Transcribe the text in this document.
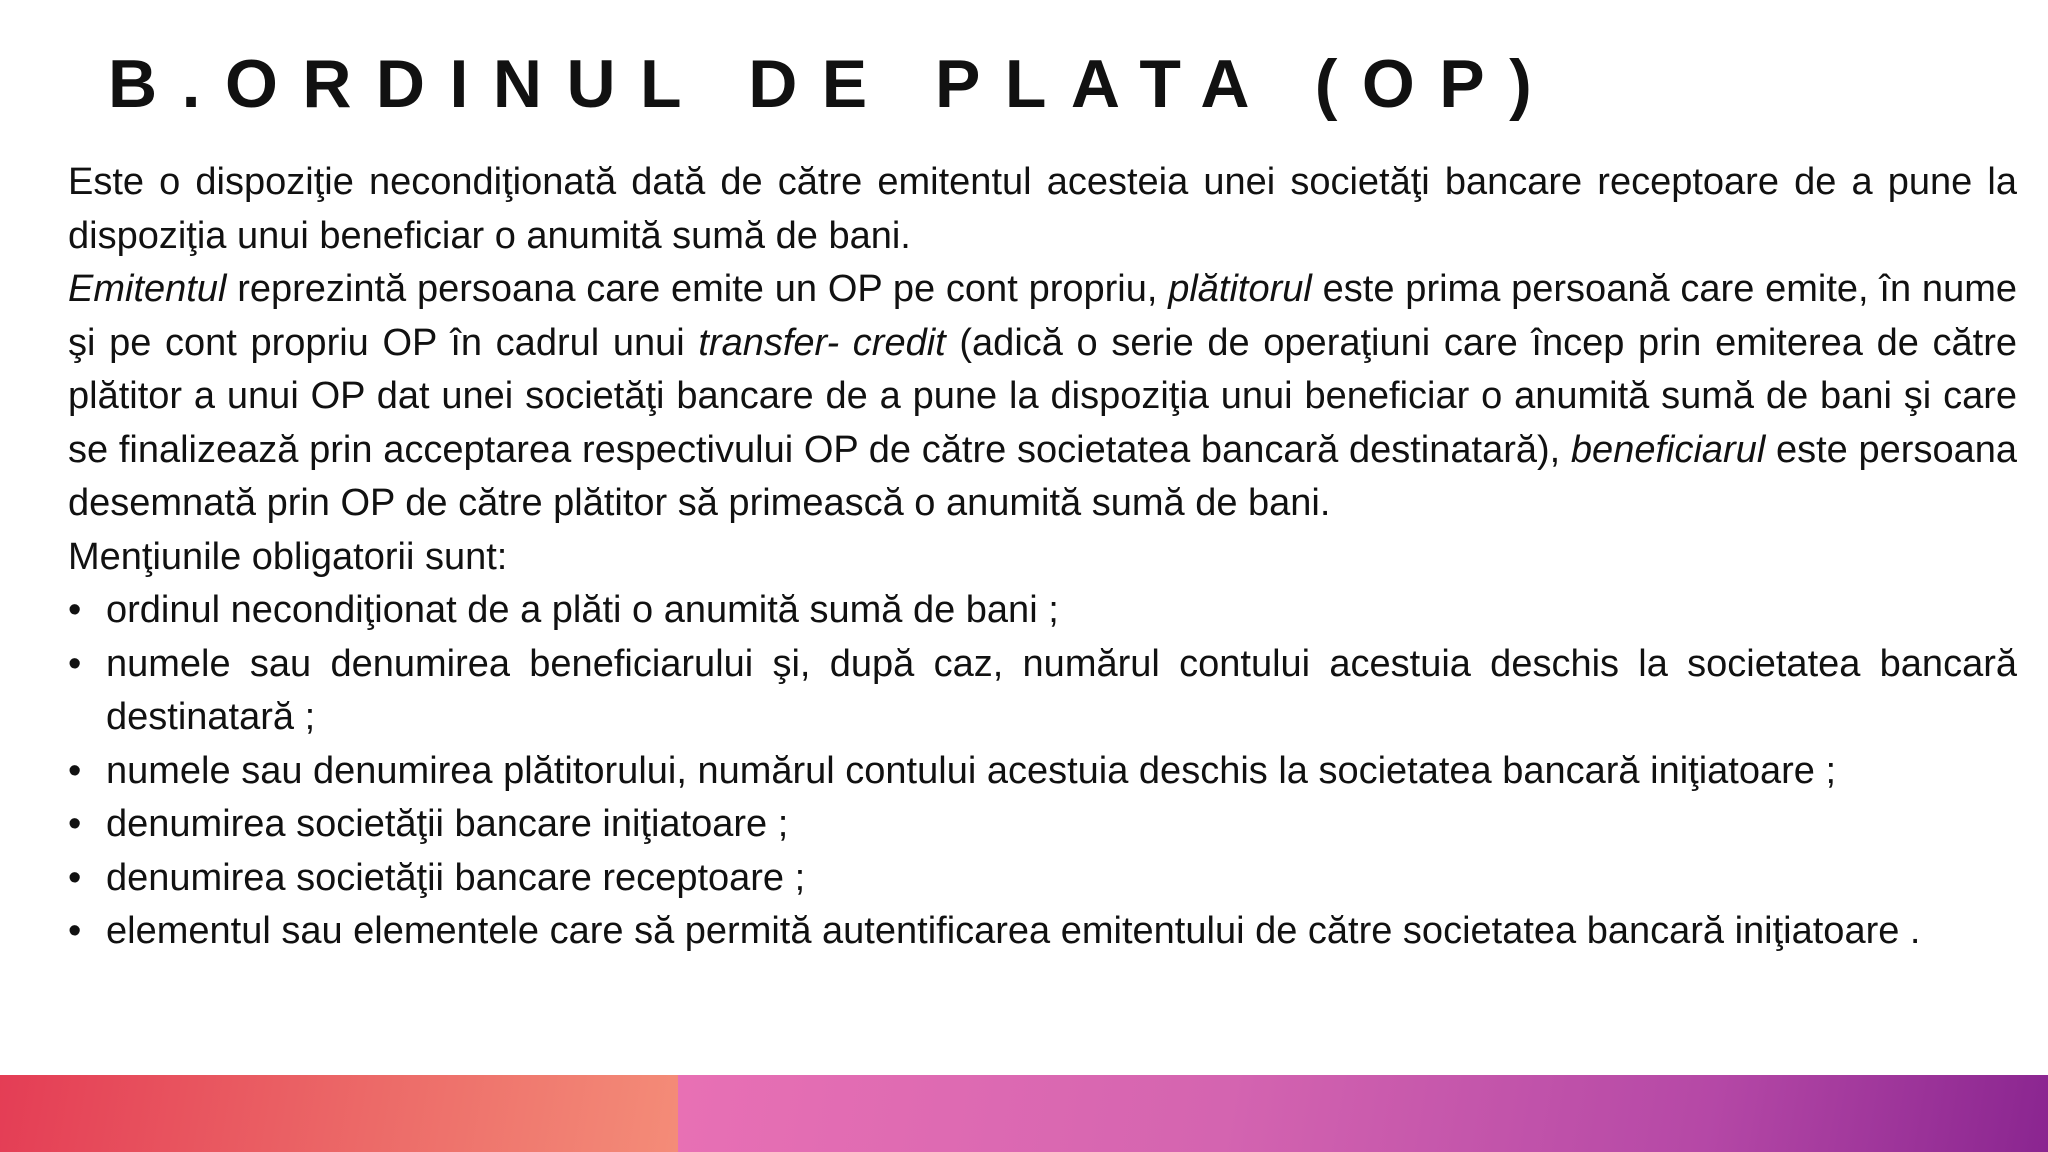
B.ORDINUL DE PLATA (OP)

Este o dispoziţie necondiţionată dată de către emitentul acesteia unei societăţi bancare receptoare de a pune la dispoziţia unui beneficiar o anumită sumă de bani.

Emitentul reprezintă persoana care emite un OP pe cont propriu, plătitorul este prima persoană care emite, în nume şi pe cont propriu OP în cadrul unui transfer- credit (adică o serie de operaţiuni care încep prin emiterea de către plătitor a unui OP dat unei societăţi bancare de a pune la dispoziţia unui beneficiar o anumită sumă de bani şi care se finalizează prin acceptarea respectivului OP de către societatea bancară destinatară), beneficiarul este persoana desemnată prin OP de către plătitor să primească o anumită sumă de bani.

Menţiunile obligatorii sunt:

• ordinul necondiţionat de a plăti o anumită sumă de bani ;
• numele sau denumirea beneficiarului şi, după caz, numărul contului acestuia deschis la societatea bancară destinatară ;
• numele sau denumirea plătitorului, numărul contului acestuia deschis la societatea bancară iniţiatoare ;
• denumirea societăţii bancare iniţiatoare ;
• denumirea societăţii bancare receptoare ;
• elementul sau elementele care să permită autentificarea emitentului de către societatea bancară iniţiatoare .
